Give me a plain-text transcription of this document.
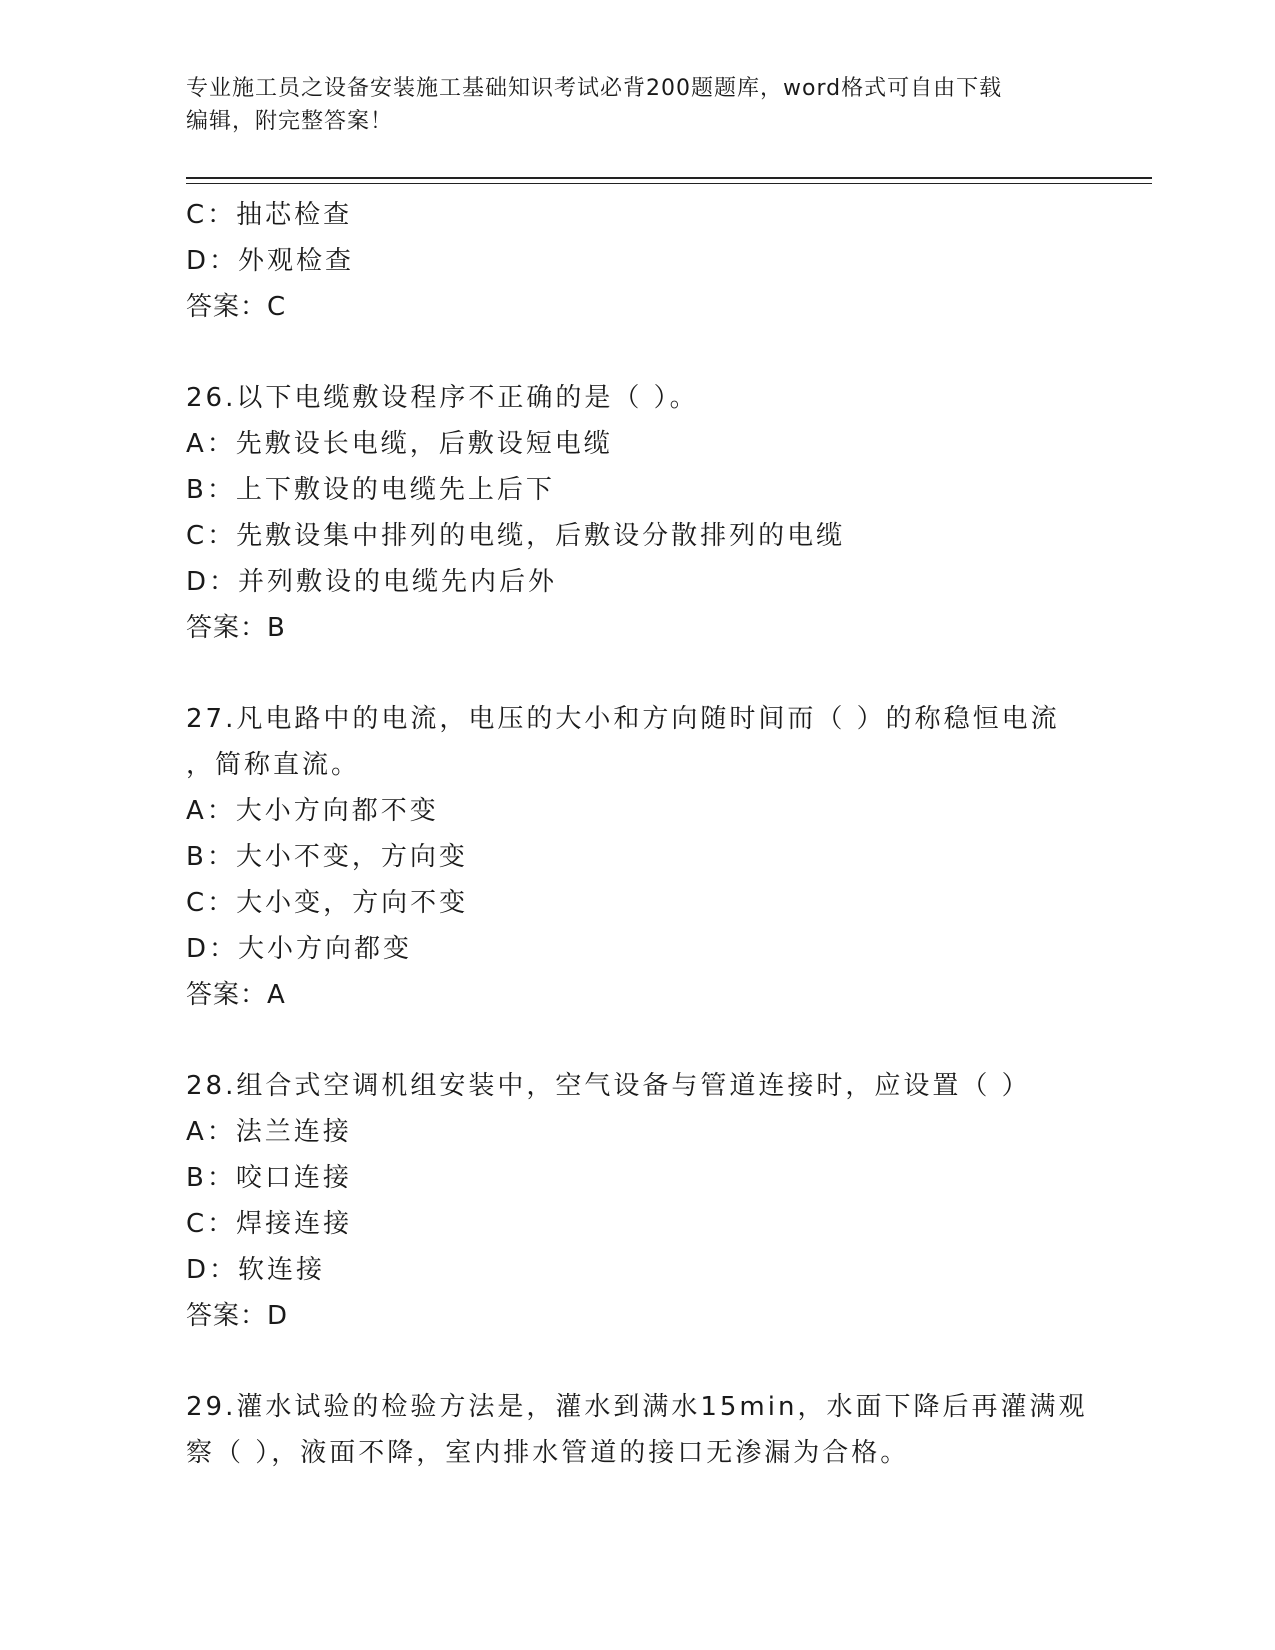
专业施工员之设备安装施工基础知识考试必背200题题库，word格式可自由下载
编辑，附完整答案！
C：抽芯检查
D：外观检查
答案：C
26.以下电缆敷设程序不正确的是（ ）。
A：先敷设长电缆，后敷设短电缆
B：上下敷设的电缆先上后下
C：先敷设集中排列的电缆，后敷设分散排列的电缆
D：并列敷设的电缆先内后外
答案：B
27.凡电路中的电流，电压的大小和方向随时间而（ ）的称稳恒电流
，简称直流。
A：大小方向都不变
B：大小不变，方向变
C：大小变，方向不变
D：大小方向都变
答案：A
28.组合式空调机组安装中，空气设备与管道连接时，应设置（ ）
A：法兰连接
B：咬口连接
C：焊接连接
D：软连接
答案：D
29.灌水试验的检验方法是，灌水到满水15min，水面下降后再灌满观
察（ ），液面不降，室内排水管道的接口无渗漏为合格。
